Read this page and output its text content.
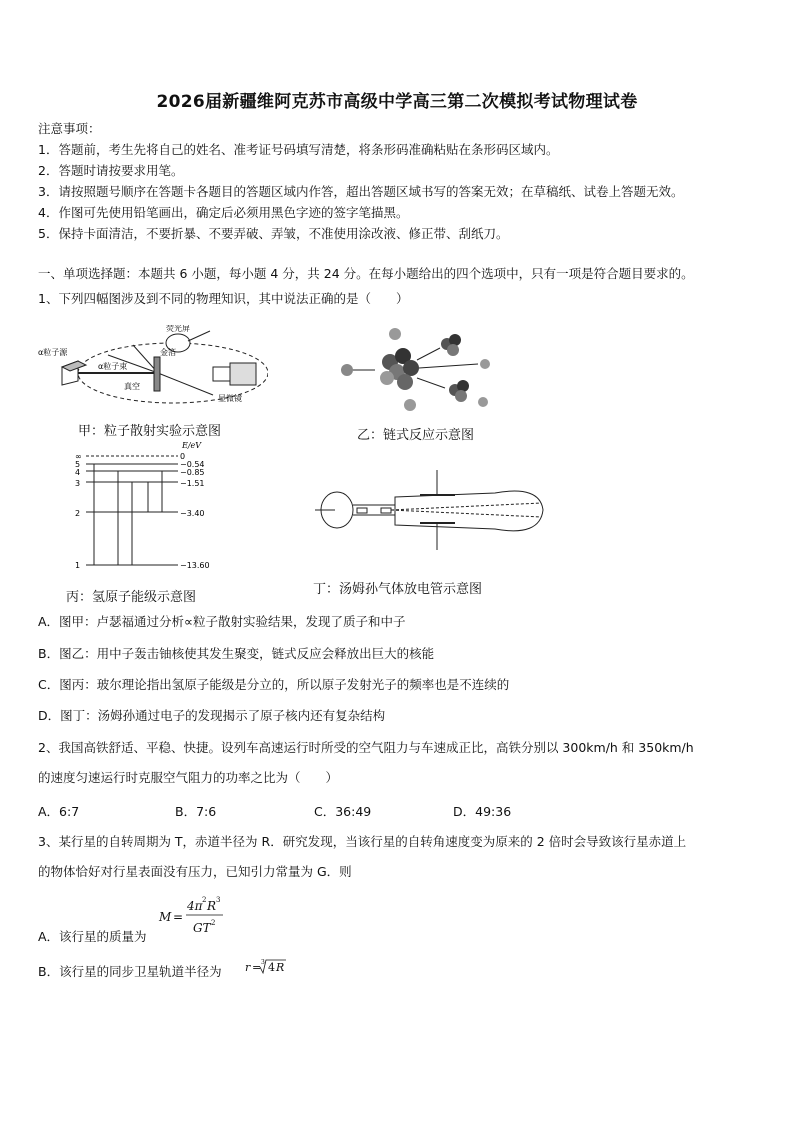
2026届新疆维阿克苏市高级中学高三第二次模拟考试物理试卷
注意事项：
1．答题前，考生先将自己的姓名、准考证号码填写清楚，将条形码准确粘贴在条形码区域内。
2．答题时请按要求用笔。
3．请按照题号顺序在答题卡各题目的答题区域内作答，超出答题区域书写的答案无效；在草稿纸、试卷上答题无效。
4．作图可先使用铅笔画出，确定后必须用黑色字迹的签字笔描黑。
5．保持卡面清洁，不要折暴、不要弄破、弄皱，不准使用涂改液、修正带、刮纸刀。
一、单项选择题：本题共 6 小题，每小题 4 分，共 24 分。在每小题给出的四个选项中，只有一项是符合题目要求的。
1、下列四幅图涉及到不同的物理知识，其中说法正确的是（　　）
α粒子源
荧光屏
金箔
α粒子束
真空
显微镜
甲：粒子散射实验示意图	乙：链式反应示意图
E/eV
∞	0
5	−0.54
4	−0.85
3	−1.51
2	−3.40
1	−13.60
丙：氢原子能级示意图
丁：汤姆孙气体放电管示意图
A．图甲：卢瑟福通过分析∝粒子散射实验结果，发现了质子和中子
B．图乙：用中子轰击铀核使其发生聚变，链式反应会释放出巨大的核能
C．图丙：玻尔理论指出氢原子能级是分立的，所以原子发射光子的频率也是不连续的
D．图丁：汤姆孙通过电子的发现揭示了原子核内还有复杂结构
2、我国高铁舒适、平稳、快捷。设列车高速运行时所受的空气阻力与车速成正比，高铁分别以 300km/h 和 350km/h
的速度匀速运行时克服空气阻力的功率之比为（　　）
A．6:7	B．7:6	C．36:49	D．49:36
3、某行星的自转周期为 T，赤道半径为 R．研究发现，当该行星的自转角速度变为原来的 2 倍时会导致该行星赤道上
的物体恰好对行星表面没有压力，已知引力常量为 G．则
A．该行星的质量为
M =
4π 2 R 3
GT 2
B．该行星的同步卫星轨道半径为 r = 3 4 R
